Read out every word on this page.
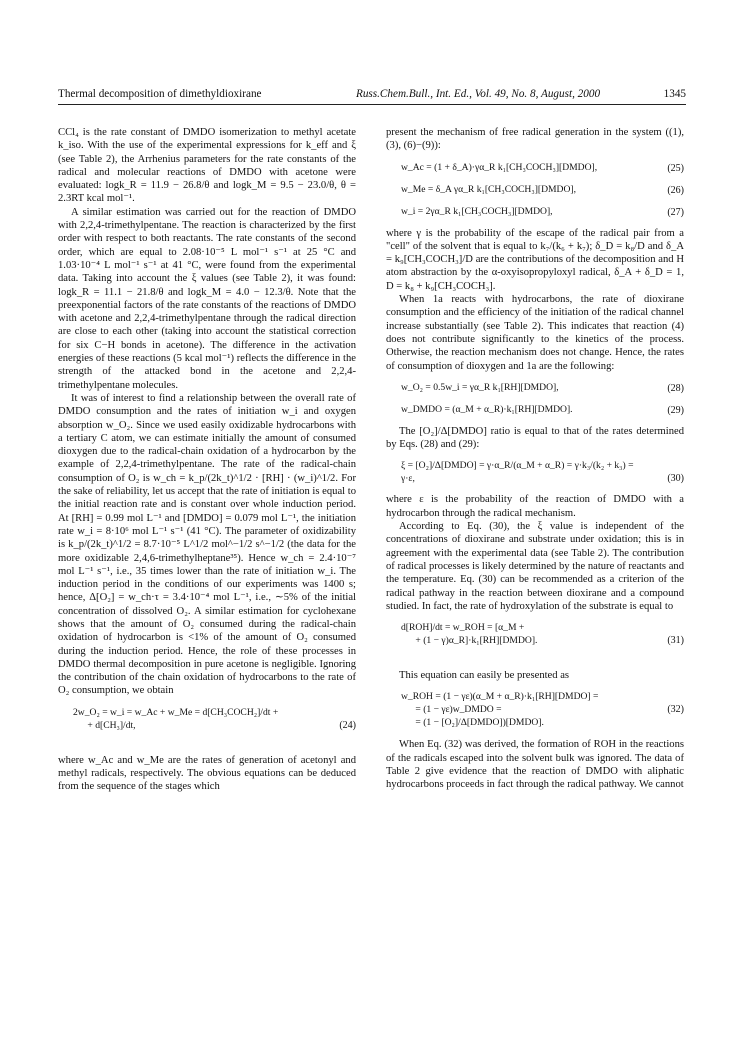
Thermal decomposition of dimethyldioxirane	Russ.Chem.Bull., Int. Ed., Vol. 49, No. 8, August, 2000	1345

CCl₄ is the rate constant of DMDO isomerization to methyl acetate k_iso. With the use of the experimental expressions for k_eff and ξ (see Table 2), the Arrhenius parameters for the rate constants of the radical and molecular reactions of DMDO with acetone were evaluated: logk_R = 11.9 − 26.8/θ and logk_M = 9.5 − 23.0/θ, θ = 2.3RT kcal mol⁻¹.

A similar estimation was carried out for the reaction of DMDO with 2,2,4-trimethylpentane. The reaction is characterized by the first order with respect to both reactants. The rate constants of the second order, which are equal to 2.08·10⁻⁵ L mol⁻¹ s⁻¹ at 25 °C and 1.03·10⁻⁴ L mol⁻¹ s⁻¹ at 41 °C, were found from the experimental data. Taking into account the ξ values (see Table 2), it was found: logk_R = 11.1 − 21.8/θ and logk_M = 4.0 − 12.3/θ. Note that the preexponential factors of the rate constants of the reactions of DMDO with acetone and 2,2,4-trimethylpentane through the radical direction are close to each other (taking into account the statistical correction for six C−H bonds in acetone). The difference in the activation energies of these reactions (5 kcal mol⁻¹) reflects the difference in the strength of the attacked bond in the acetone and 2,2,4-trimethylpentane molecules.

It was of interest to find a relationship between the overall rate of DMDO consumption and the rates of initiation w_i and oxygen absorption w_O₂. Since we used easily oxidizable hydrocarbons with a tertiary C atom, we can estimate initially the amount of consumed dioxygen due to the radical-chain oxidation of a hydrocarbon by the example of 2,2,4-trimethylpentane. The rate of the radical-chain consumption of O₂ is w_ch = k_p/(2k_t)^1/2 · [RH] · (w_i)^1/2. For the sake of reliability, let us accept that the rate of initiation is equal to the initial reaction rate and is constant over whole induction period. At [RH] = 0.99 mol L⁻¹ and [DMDO] = 0.079 mol L⁻¹, the initiation rate w_i = 8·10⁶ mol L⁻¹ s⁻¹ (41 °C). The parameter of oxidizability is k_p/(2k_t)^1/2 = 8.7·10⁻⁵ L^1/2 mol^−1/2 s^−1/2 (the data for the more oxidizable 2,4,6-trimethylheptane³⁵). Hence w_ch = 2.4·10⁻⁷ mol L⁻¹ s⁻¹, i.e., 35 times lower than the rate of initiation w_i. The induction period in the conditions of our experiments was 1400 s; hence, Δ[O₂] = w_ch·τ = 3.4·10⁻⁴ mol L⁻¹, i.e., ∼5% of the initial concentration of dissolved O₂. A similar estimation for cyclohexane shows that the amount of O₂ consumed during the radical-chain oxidation of hydrocarbon is <1% of the amount of O₂ consumed during the induction period. Hence, the role of these processes in DMDO thermal decomposition in pure acetone is negligible. Ignoring the contribution of the chain oxidation of hydrocarbons to the rate of O₂ consumption, we obtain

2w_O₂ = w_i = w_Ac + w_Me = d[CH₃COCH₂]/dt +
+ d[CH₃]/dt,	(24)

where w_Ac and w_Me are the rates of generation of acetonyl and methyl radicals, respectively. The obvious equations can be deduced from the sequence of the stages which

present the mechanism of free radical generation in the system ((1), (3), (6)−(9)):

w_Ac = (1 + δ_A)·γα_R k₁[CH₃COCH₃][DMDO],	(25)
w_Me = δ_A γα_R k₁[CH₃COCH₃][DMDO],	(26)
w_i = 2γα_R k₁[CH₃COCH₃][DMDO],	(27)

where γ is the probability of the escape of the radical pair from a "cell" of the solvent that is equal to k₇/(k₆ + k₇); δ_D = k₈/D and δ_A = k₉[CH₃COCH₃]/D are the contributions of the decomposition and H atom abstraction by the α-oxyisopropyloxyl radical, δ_A + δ_D = 1, D = k₈ + k₉[CH₃COCH₃].

When 1a reacts with hydrocarbons, the rate of dioxirane consumption and the efficiency of the initiation of the radical channel increase substantially (see Table 2). This indicates that reaction (4) does not contribute significantly to the kinetics of the process. Otherwise, the reaction mechanism does not change. Hence, the rates of consumption of dioxygen and 1a are the following:

w_O₂ = 0.5w_i = γα_R k₁[RH][DMDO],	(28)
w_DMDO = (α_M + α_R)·k₁[RH][DMDO].	(29)

The [O₂]/Δ[DMDO] ratio is equal to that of the rates determined by Eqs. (28) and (29):

ξ = [O₂]/Δ[DMDO] = γ·α_R/(α_M + α_R) = γ·k₃/(k₂ + k₃) = γ·ε,	(30)

where ε is the probability of the reaction of DMDO with a hydrocarbon through the radical mechanism.

According to Eq. (30), the ξ value is independent of the concentrations of dioxirane and substrate under oxidation; this is in agreement with the experimental data (see Table 2). The contribution of radical processes is likely determined by the nature of reactants and the temperature. Eq. (30) can be recommended as a criterion of the radical pathway in the reaction between dioxirane and a compound studied. In fact, the rate of hydroxylation of the substrate is equal to

d[ROH]/dt = w_ROH = [α_M +
+ (1 − γ)α_R]·k₁[RH][DMDO].	(31)

This equation can easily be presented as

w_ROH = (1 − γε)(α_M + α_R)·k₁[RH][DMDO] =
= (1 − γε)w_DMDO =
= (1 − [O₂]/Δ[DMDO])[DMDO].
(32)

When Eq. (32) was derived, the formation of ROH in the reactions of the radicals escaped into the solvent bulk was ignored. The data of Table 2 give evidence that the reaction of DMDO with aliphatic hydrocarbons proceeds in fact through the radical pathway. We cannot
